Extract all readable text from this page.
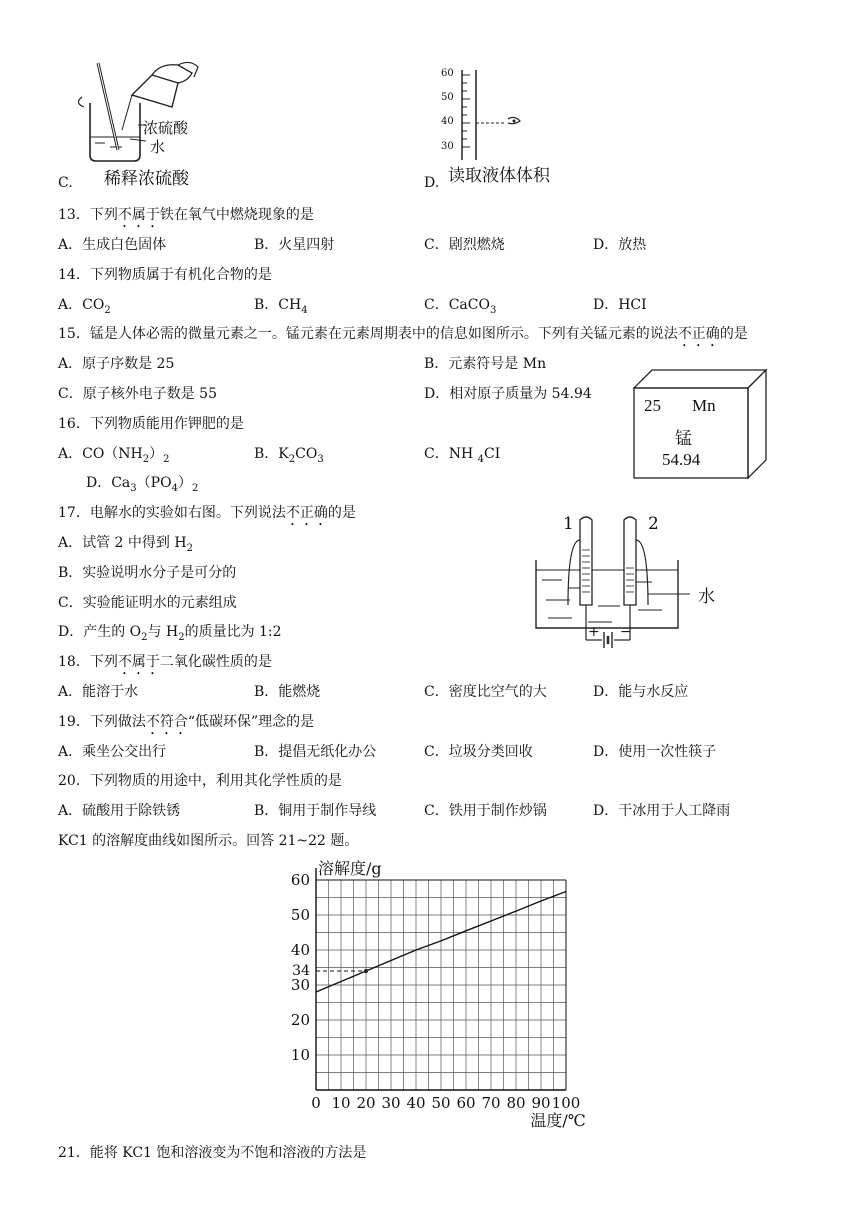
浓硫酸
水
C. 稀释浓硫酸
60
50
40
30
D. 读取液体体积
13．下列不属于铁在氧气中燃烧现象的是
A．生成白色固体	B．火星四射	C．剧烈燃烧	D．放热
14．下列物质属于有机化合物的是
A．$CO_2$	B．$CH_4$	C．CaCO$_3$	D．HCI
15．锰是人体必需的微量元素之一。锰元素在元素周期表中的信息如图所示。下列有关锰元素的说法不正确的是
A．原子序数是 25	B．元素符号是 Mn
C．原子核外电子数是 55	D．相对原子质量为 54.94
25 Mn
锰
54.94
16．下列物质能用作钾肥的是
A．$CO(NH_2)_2$	B．$K_2CO_3$	C．NH $_4$CI
D．$Ca_3(PO_4)_2$
17．电解水的实验如右图。下列说法不正确的是
A．试管 2 中得到 $H_2$
B．实验说明水分子是可分的
C．实验能证明水的元素组成
D．产生的 $O_2$与 $H_2$的质量比为 1:2
1	2
水
+ −
18．下列不属于二氧化碳性质的是
A．能溶于水	B．能燃烧	C．密度比空气的大	D．能与水反应
19．下列做法不符合“低碳环保”理念的是
A．乘坐公交出行	B．提倡无纸化办公	C．垃圾分类回收	D．使用一次性筷子
20．下列物质的用途中，利用其化学性质的是
A．硫酸用于除铁锈	B．铜用于制作导线	C．铁用于制作炒锅	D．干冰用于人工降雨
KC1 的溶解度曲线如图所示。回答 21~22 题。
0 10 20 30 40 50 60 70 80 90 100
60
50
40
30
20
10
溶解度/g
温度/℃
34
21．能将 KC1 饱和溶液变为不饱和溶液的方法是
